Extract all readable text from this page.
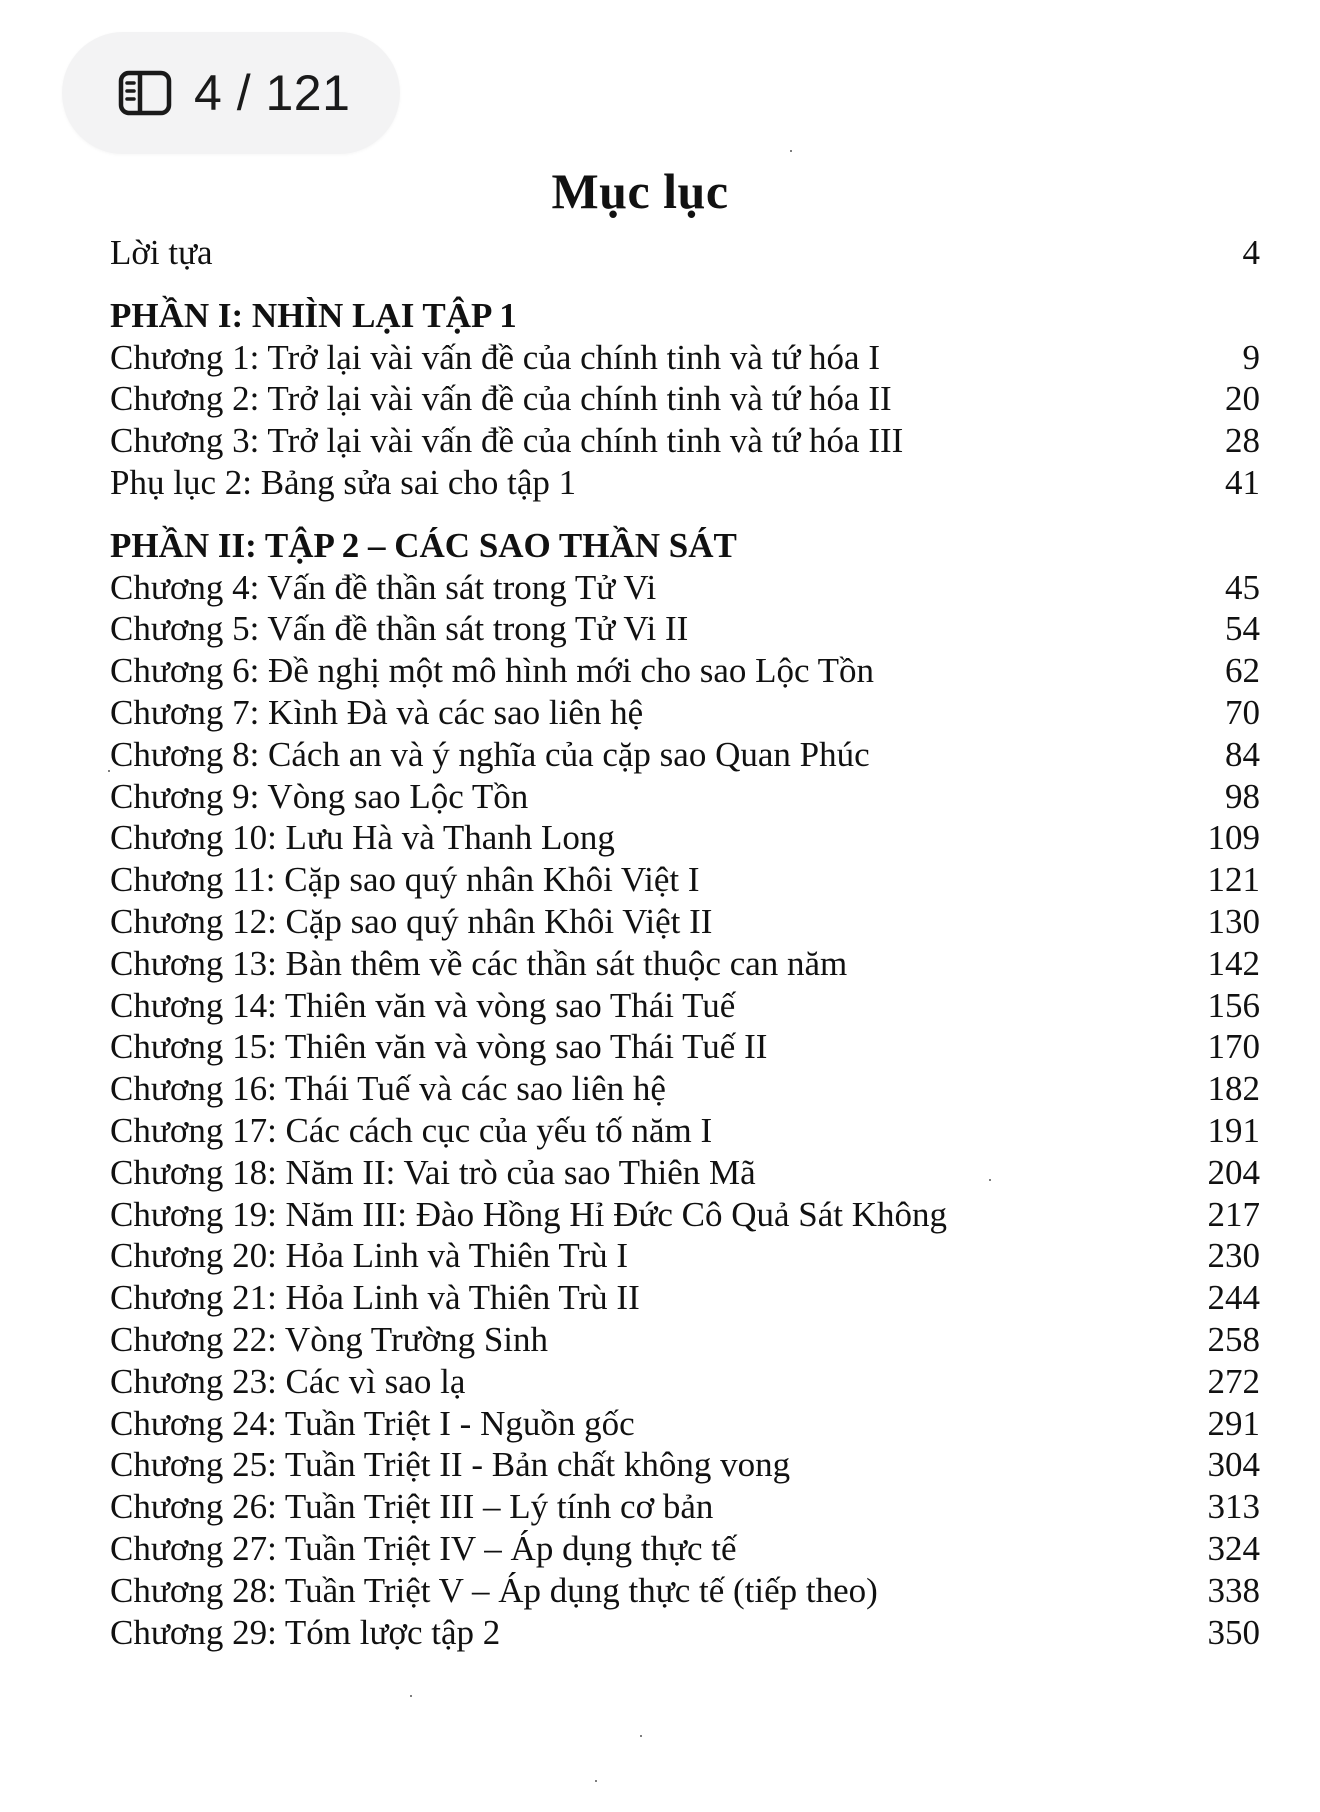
4 / 121
Mục lục
Lời tựa	4
PHẦN I: NHÌN LẠI TẬP 1
Chương 1: Trở lại vài vấn đề của chính tinh và tứ hóa I	9
Chương 2: Trở lại vài vấn đề của chính tinh và tứ hóa II	20
Chương 3: Trở lại vài vấn đề của chính tinh và tứ hóa III	28
Phụ lục 2: Bảng sửa sai cho tập 1	41
PHẦN II: TẬP 2 – CÁC SAO THẦN SÁT
Chương 4: Vấn đề thần sát trong Tử Vi	45
Chương 5: Vấn đề thần sát trong Tử Vi II	54
Chương 6: Đề nghị một mô hình mới cho sao Lộc Tồn	62
Chương 7: Kình Đà và các sao liên hệ	70
Chương 8: Cách an và ý nghĩa của cặp sao Quan Phúc	84
Chương 9: Vòng sao Lộc Tồn	98
Chương 10: Lưu Hà và Thanh Long	109
Chương 11: Cặp sao quý nhân Khôi Việt I	121
Chương 12: Cặp sao quý nhân Khôi Việt II	130
Chương 13: Bàn thêm về các thần sát thuộc can năm	142
Chương 14: Thiên văn và vòng sao Thái Tuế	156
Chương 15: Thiên văn và vòng sao Thái Tuế II	170
Chương 16: Thái Tuế và các sao liên hệ	182
Chương 17: Các cách cục của yếu tố năm I	191
Chương 18: Năm II: Vai trò của sao Thiên Mã	204
Chương 19: Năm III: Đào Hồng Hỉ Đức Cô Quả Sát Không	217
Chương 20: Hỏa Linh và Thiên Trù I	230
Chương 21: Hỏa Linh và Thiên Trù II	244
Chương 22: Vòng Trường Sinh	258
Chương 23: Các vì sao lạ	272
Chương 24: Tuần Triệt I - Nguồn gốc	291
Chương 25: Tuần Triệt II - Bản chất không vong	304
Chương 26: Tuần Triệt III – Lý tính cơ bản	313
Chương 27: Tuần Triệt IV – Áp dụng thực tế	324
Chương 28: Tuần Triệt V – Áp dụng thực tế (tiếp theo)	338
Chương 29: Tóm lược tập 2	350
